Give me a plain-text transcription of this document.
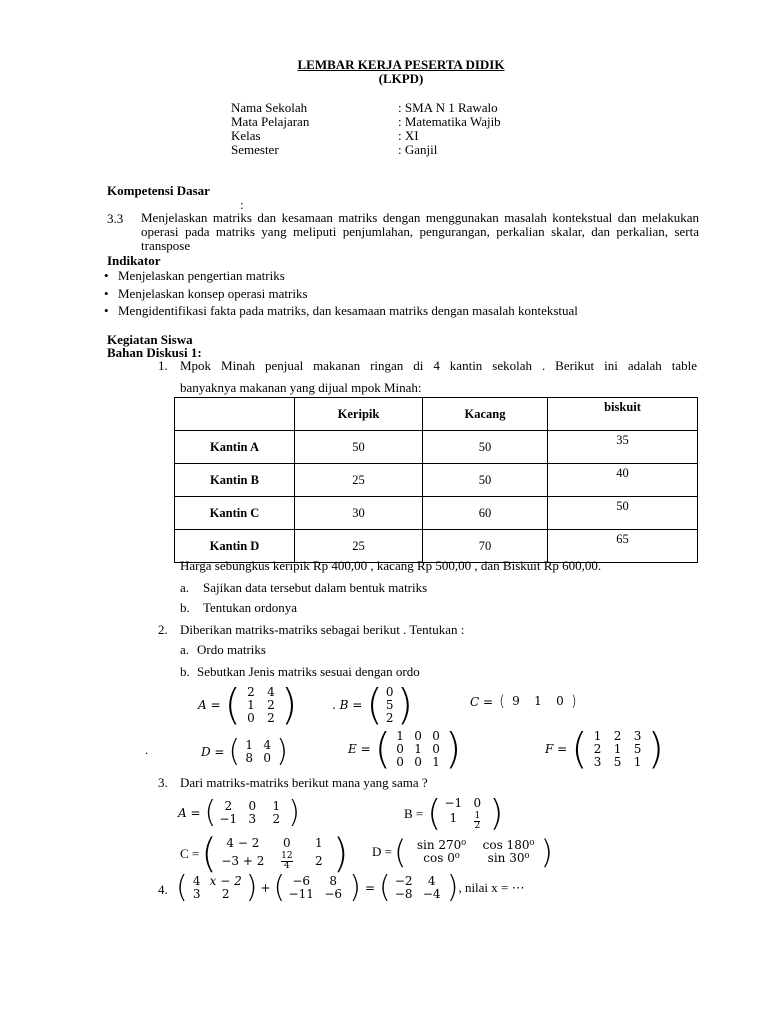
LEMBAR KERJA PESERTA DIDIK
(LKPD)
Nama Sekolah	: SMA N 1 Rawalo
Mata Pelajaran	: Matematika Wajib
Kelas	: XI
Semester	: Ganjil
Kompetensi Dasar
:
3.3 Menjelaskan matriks dan kesamaan matriks dengan menggunakan masalah kontekstual dan melakukan operasi pada matriks yang meliputi penjumlahan, pengurangan, perkalian skalar, dan perkalian, serta transpose
Indikator
• Menjelaskan pengertian matriks
• Menjelaskan konsep operasi matriks
• Mengidentifikasi fakta pada matriks, dan kesamaan matriks dengan masalah kontekstual
Kegiatan Siswa
Bahan Diskusi 1:
1. Mpok Minah penjual makanan ringan di 4 kantin sekolah . Berikut ini adalah table
banyaknya makanan yang dijual mpok Minah:
	Keripik	Kacang	biskuit
Kantin A	50	50	35
Kantin B	25	50	40
Kantin C	30	60	50
Kantin D	25	70	65
Harga sebungkus keripik Rp 400,00 , kacang Rp 500,00 , dan Biskuit Rp 600,00.
a. Sajikan data tersebut dalam bentuk matriks
b. Tentukan ordonya
2. Diberikan matriks-matriks sebagai berikut . Tentukan :
a. Ordo matriks
b. Sebutkan Jenis matriks sesuai dengan ordo
A = ( 2	4
1	2
0	2 )	. B = ( 0
5
2 )	C = ( 9	1	0 )
.	D = ( 1 4
8 0 )	E = ( 1 0 0
0 1 0
0 0 1 )	F = ( 1	2	3
2	1	5
3	5	1 )
3. Dari matriks-matriks berikut mana yang sama ?
A = ( 2	0	1
−1 3	2 )	B = ( −1 0
1	$\frac{1}{2}$ )
C = ( 4 − 2	0	1
−3 + 2	$\frac{12}{4}$	2 ) D = ( sin 270⁰	cos 180⁰
cos 0⁰	sin 30⁰ )
4. ( 4 x − 2
3	2 ) + ( −6	8
−11 −6 ) = ( −2	4
−8 −4 ) , nilai x = ⋯
